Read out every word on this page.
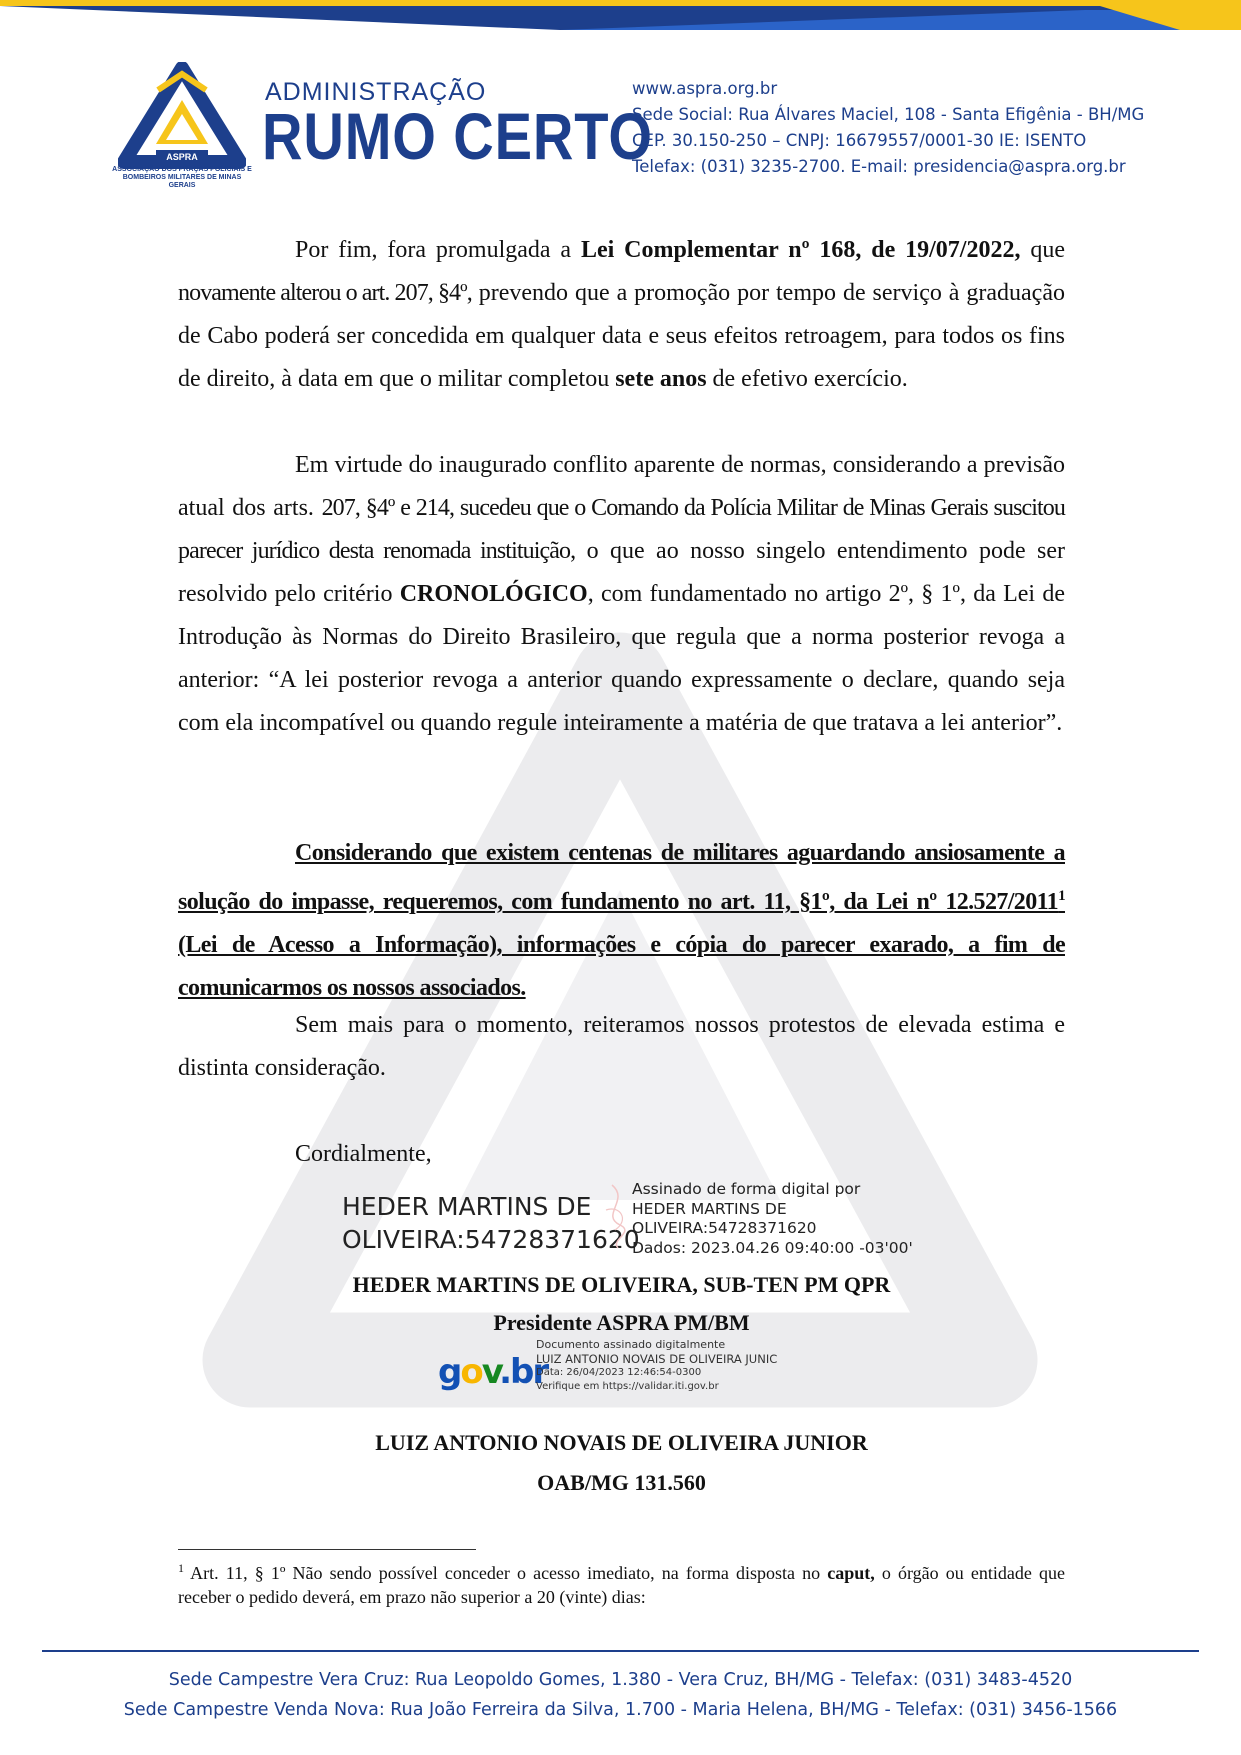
ASPRA
ASSOCIAÇÃO DOS PRAÇAS POLICIAIS E BOMBEIROS MILITARES DE MINAS GERAIS
ADMINISTRAÇÃO
RUMO CERTO
www.aspra.org.br
Sede Social: Rua Álvares Maciel, 108 - Santa Efigênia - BH/MG
CEP. 30.150-250 – CNPJ: 16679557/0001-30 IE: ISENTO
Telefax: (031) 3235-2700. E-mail: presidencia@aspra.org.br
Por fim, fora promulgada a Lei Complementar nº 168, de 19/07/2022, que novamente alterou o art. 207, §4º, prevendo que a promoção por tempo de serviço à graduação de Cabo poderá ser concedida em qualquer data e seus efeitos retroagem, para todos os fins de direito, à data em que o militar completou sete anos de efetivo exercício.
Em virtude do inaugurado conflito aparente de normas, considerando a previsão atual dos arts. 207, §4º e 214, sucedeu que o Comando da Polícia Militar de Minas Gerais suscitou parecer jurídico desta renomada instituição, o que ao nosso singelo entendimento pode ser resolvido pelo critério CRONOLÓGICO, com fundamentado no artigo 2º, § 1º, da Lei de Introdução às Normas do Direito Brasileiro, que regula que a norma posterior revoga a anterior: “A lei posterior revoga a anterior quando expressamente o declare, quando seja com ela incompatível ou quando regule inteiramente a matéria de que tratava a lei anterior”.
Considerando que existem centenas de militares aguardando ansiosamente a solução do impasse, requeremos, com fundamento no art. 11, §1º, da Lei nº 12.527/2011$^1$ (Lei de Acesso a Informação), informações e cópia do parecer exarado, a fim de comunicarmos os nossos associados.
Sem mais para o momento, reiteramos nossos protestos de elevada estima e distinta consideração.
Cordialmente,
HEDER MARTINS DE
OLIVEIRA:54728371620
Assinado de forma digital por
HEDER MARTINS DE
OLIVEIRA:54728371620
Dados: 2023.04.26 09:40:00 -03'00'
HEDER MARTINS DE OLIVEIRA, SUB-TEN PM QPR
Presidente ASPRA PM/BM
gov.br
Documento assinado digitalmente
LUIZ ANTONIO NOVAIS DE OLIVEIRA JUNIC
Data: 26/04/2023 12:46:54-0300
Verifique em https://validar.iti.gov.br
LUIZ ANTONIO NOVAIS DE OLIVEIRA JUNIOR
OAB/MG 131.560
$^1$ Art. 11, § 1º Não sendo possível conceder o acesso imediato, na forma disposta no caput, o órgão ou entidade que receber o pedido deverá, em prazo não superior a 20 (vinte) dias:
Sede Campestre Vera Cruz: Rua Leopoldo Gomes, 1.380 - Vera Cruz, BH/MG - Telefax: (031) 3483-4520
Sede Campestre Venda Nova: Rua João Ferreira da Silva, 1.700 - Maria Helena, BH/MG - Telefax: (031) 3456-1566
